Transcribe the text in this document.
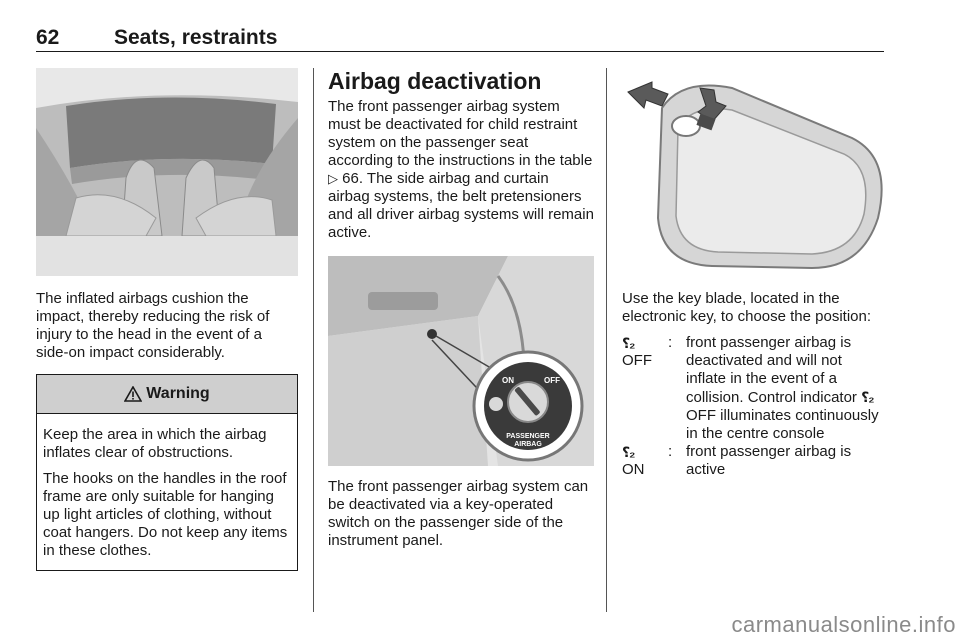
62	Seats, restraints

The inflated airbags cushion the impact, thereby reducing the risk of injury to the head in the event of a side-on impact considerably.

Warning

Keep the area in which the airbag inflates clear of obstructions.

The hooks on the handles in the roof frame are only suitable for hanging up light articles of clothing, without coat hangers. Do not keep any items in these clothes.

Airbag deactivation

The front passenger airbag system must be deactivated for child restraint system on the passenger seat according to the instructions in the table ▷ 66. The side airbag and curtain airbag systems, the belt pretensioners and all driver airbag systems will remain active.

ON	OFF
PASSENGER
AIRBAG

The front passenger airbag system can be deactivated via a key-operated switch on the passenger side of the instrument panel.

Use the key blade, located in the electronic key, to choose the position:

⸮₂
OFF
: front passenger airbag is deactivated and will not inflate in the event of a collision. Control indicator ⸮₂ OFF illuminates continuously in the centre console
⸮₂
ON
: front passenger airbag is active
carmanualsonline.info
